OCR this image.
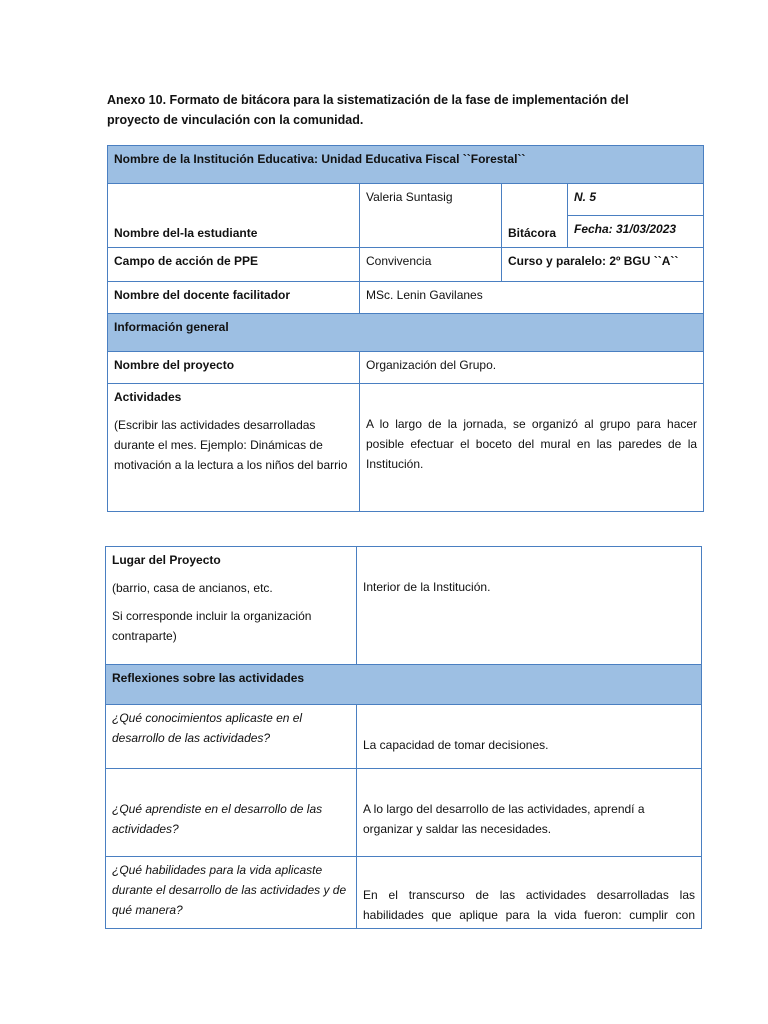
Anexo 10. Formato de bitácora para la sistematización de la fase de implementación del
proyecto de vinculación con la comunidad.
Nombre de la Institución Educativa: Unidad Educativa Fiscal ``Forestal``			
Nombre del-la estudiante	Valeria Suntasig	Bitácora	N. 5
			Fecha: 31/03/2023
Campo de acción de PPE	Convivencia	Curso y paralelo: 2º BGU ``A``	
Nombre del docente facilitador	MSc. Lenin Gavilanes		
Información general			
Nombre del proyecto	Organización del Grupo.		

Actividades

(Escribir las actividades desarrolladas durante el mes. Ejemplo: Dinámicas de motivación a la lectura a los niños del barrio	A lo largo de la jornada, se organizó al grupo para hacer posible efectuar el boceto del mural en las paredes de la Institución.		

Lugar del Proyecto

(barrio, casa de ancianos, etc.

Si corresponde incluir la organización contraparte)	Interior de la Institución.
Reflexiones sobre las actividades	
¿Qué conocimientos aplicaste en el desarrollo de las actividades?	La capacidad de tomar decisiones.
¿Qué aprendiste en el desarrollo de las actividades?	A lo largo del desarrollo de las actividades, aprendí a organizar y saldar las necesidades.
¿Qué habilidades para la vida aplicaste durante el desarrollo de las actividades y de qué manera?	En el transcurso de las actividades desarrolladas las
habilidades que aplique para la vida fueron: cumplir con
